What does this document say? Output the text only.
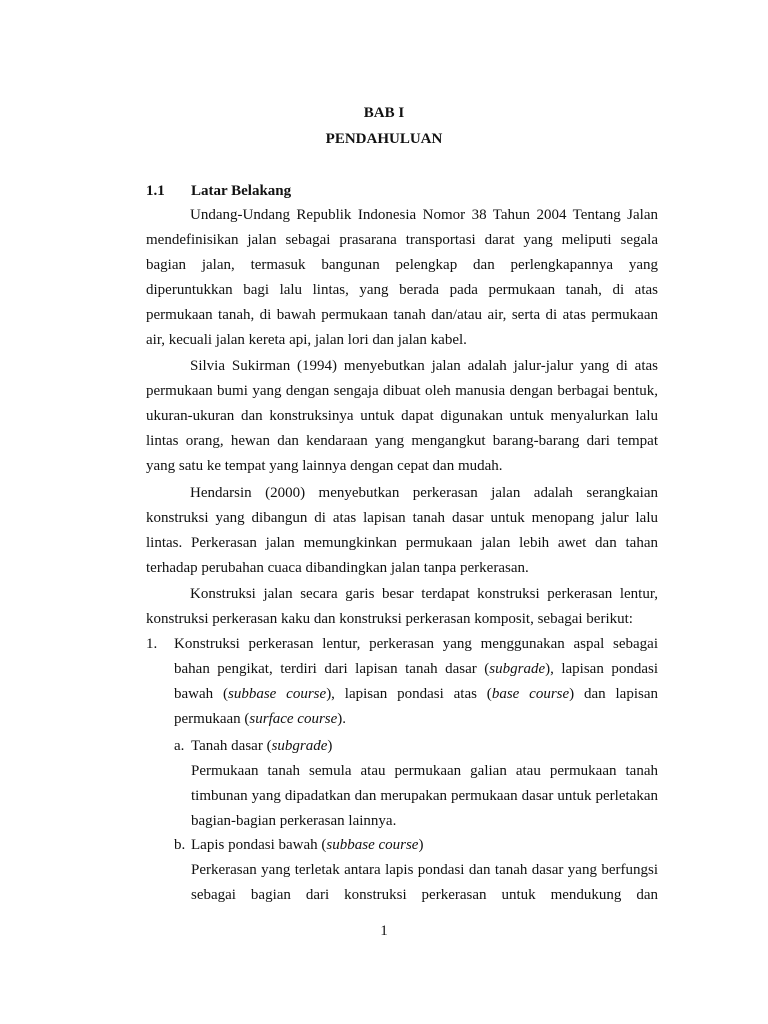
BAB I
PENDAHULUAN
1.1 Latar Belakang
Undang-Undang Republik Indonesia Nomor 38 Tahun 2004 Tentang Jalan mendefinisikan jalan sebagai prasarana transportasi darat yang meliputi segala bagian jalan, termasuk bangunan pelengkap dan perlengkapannya yang diperuntukkan bagi lalu lintas, yang berada pada permukaan tanah, di atas permukaan tanah, di bawah permukaan tanah dan/atau air, serta di atas permukaan air, kecuali jalan kereta api, jalan lori dan jalan kabel.
Silvia Sukirman (1994) menyebutkan jalan adalah jalur-jalur yang di atas permukaan bumi yang dengan sengaja dibuat oleh manusia dengan berbagai bentuk, ukuran-ukuran dan konstruksinya untuk dapat digunakan untuk menyalurkan lalu lintas orang, hewan dan kendaraan yang mengangkut barang-barang dari tempat yang satu ke tempat yang lainnya dengan cepat dan mudah.
Hendarsin (2000) menyebutkan perkerasan jalan adalah serangkaian konstruksi yang dibangun di atas lapisan tanah dasar untuk menopang jalur lalu lintas. Perkerasan jalan memungkinkan permukaan jalan lebih awet dan tahan terhadap perubahan cuaca dibandingkan jalan tanpa perkerasan.
Konstruksi jalan secara garis besar terdapat konstruksi perkerasan lentur, konstruksi perkerasan kaku dan konstruksi perkerasan komposit, sebagai berikut:
1.	Konstruksi perkerasan lentur, perkerasan yang menggunakan aspal sebagai bahan pengikat, terdiri dari lapisan tanah dasar (subgrade), lapisan pondasi bawah (subbase course), lapisan pondasi atas (base course) dan lapisan permukaan (surface course).
a. Tanah dasar (subgrade)
Permukaan tanah semula atau permukaan galian atau permukaan tanah timbunan yang dipadatkan dan merupakan permukaan dasar untuk perletakan bagian-bagian perkerasan lainnya.
b. Lapis pondasi bawah (subbase course)
Perkerasan yang terletak antara lapis pondasi dan tanah dasar yang berfungsi sebagai bagian dari konstruksi perkerasan untuk mendukung dan
1
